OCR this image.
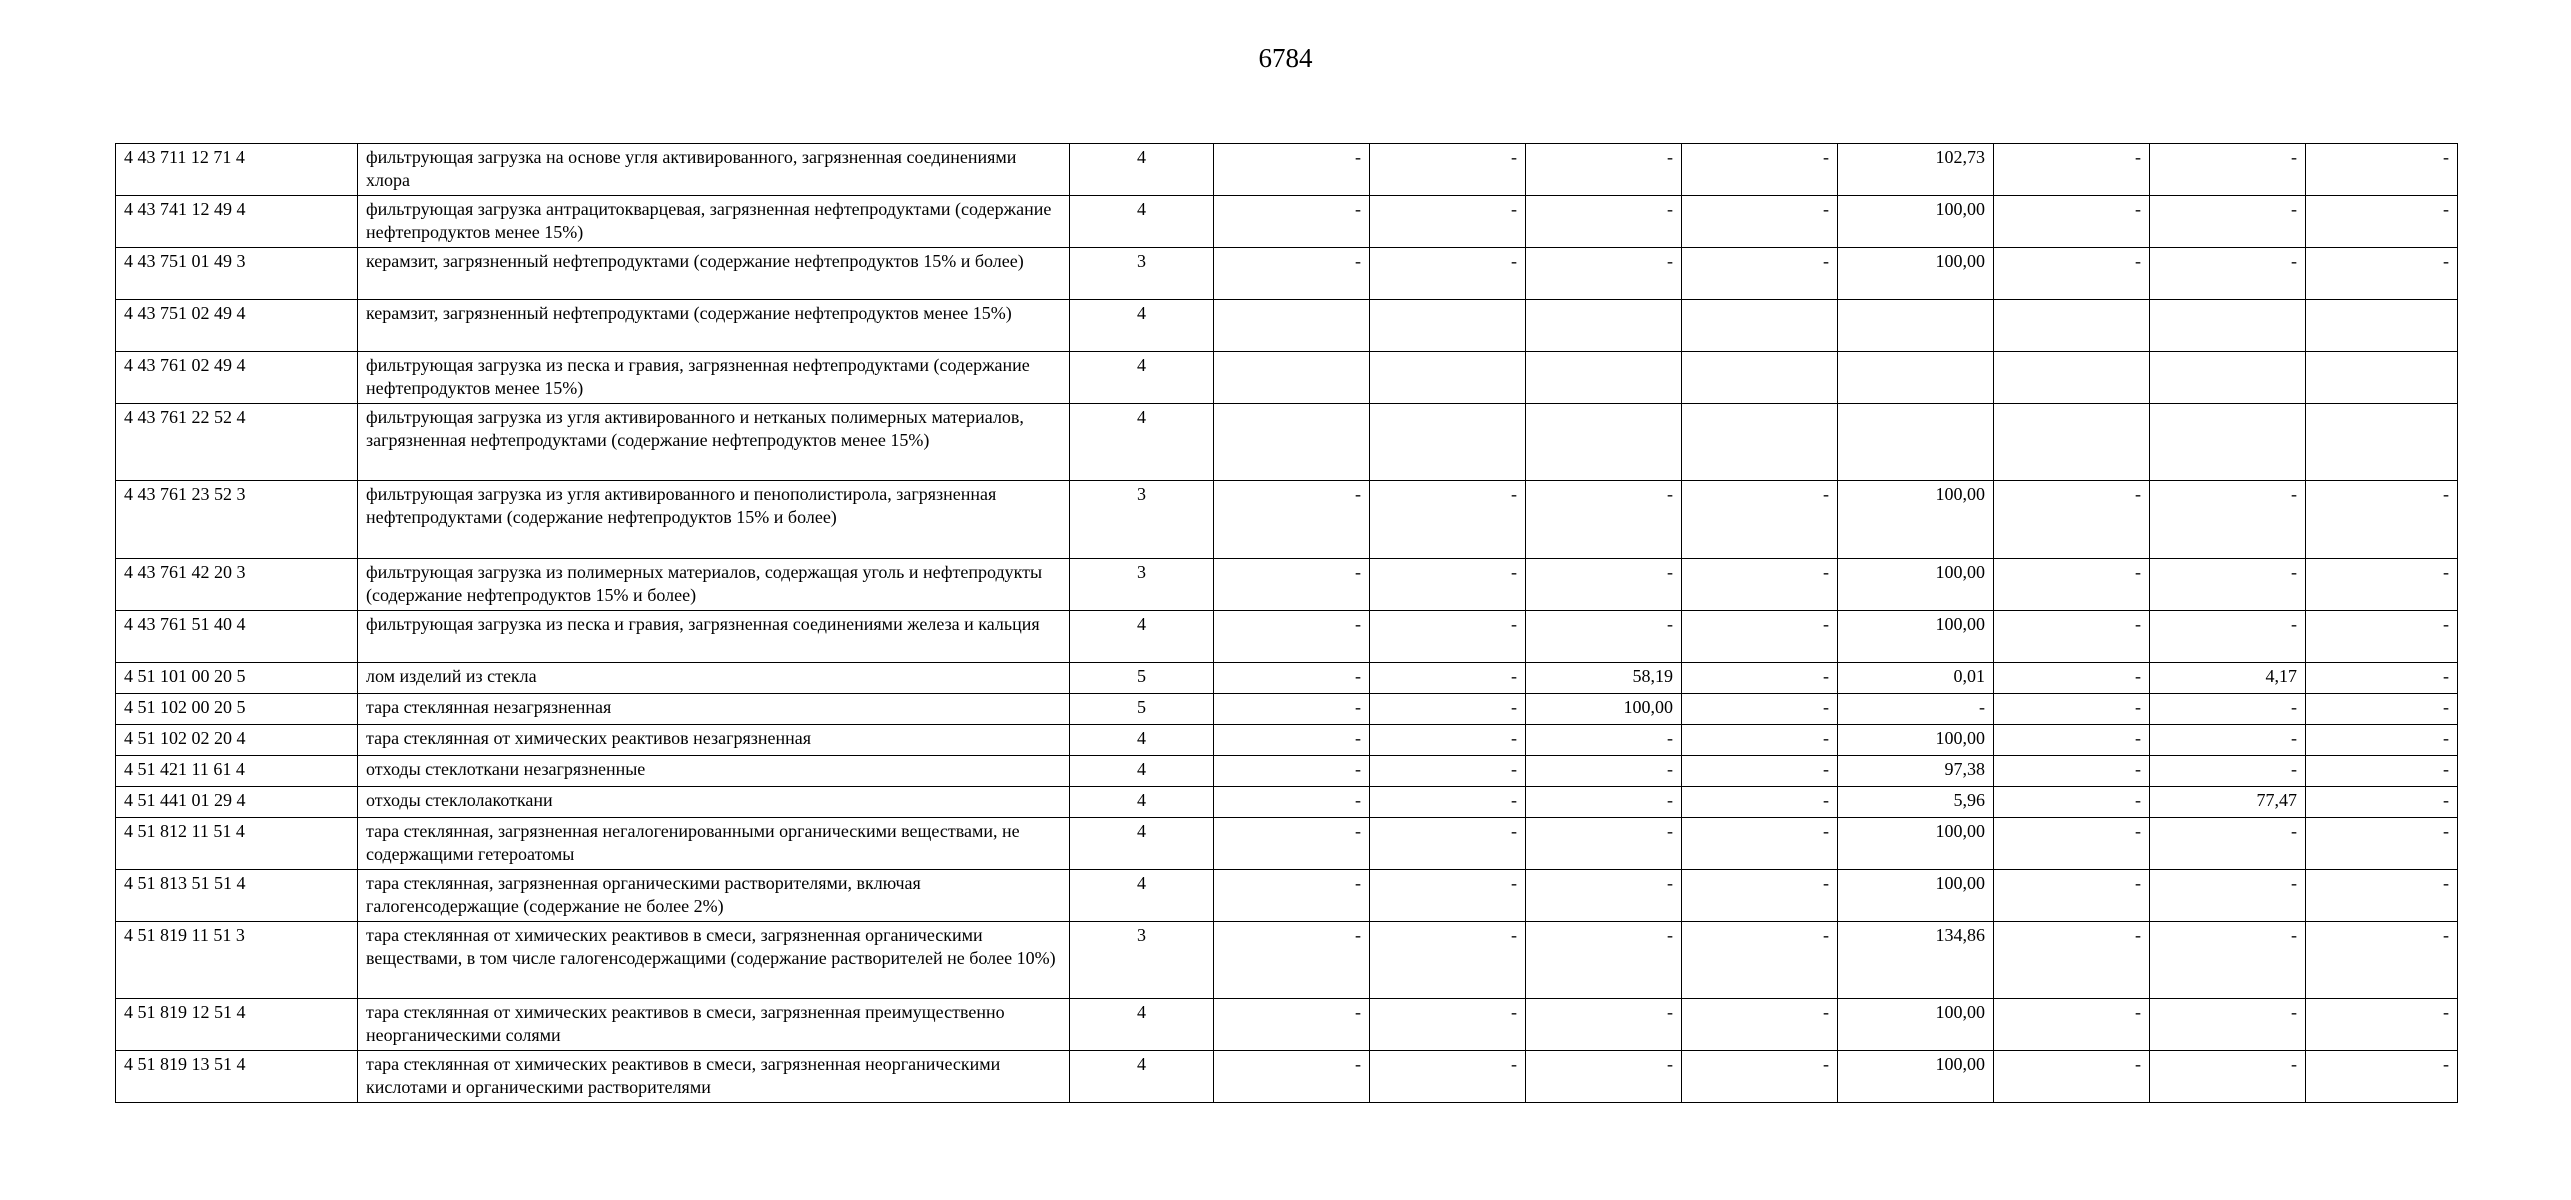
6784
4 43 711 12 71 4	фильтрующая загрузка на основе угля активированного, загрязненная соединениями хлора	4	-	-	-	-	102,73	-	-	-
4 43 741 12 49 4	фильтрующая загрузка антрацитокварцевая, загрязненная нефтепродуктами (содержание нефтепродуктов менее 15%)	4	-	-	-	-	100,00	-	-	-
4 43 751 01 49 3	керамзит, загрязненный нефтепродуктами (содержание нефтепродуктов 15% и более)	3	-	-	-	-	100,00	-	-	-
4 43 751 02 49 4	керамзит, загрязненный нефтепродуктами (содержание нефтепродуктов менее 15%)	4								
4 43 761 02 49 4	фильтрующая загрузка из песка и гравия, загрязненная нефтепродуктами (содержание нефтепродуктов менее 15%)	4								
4 43 761 22 52 4	фильтрующая загрузка из угля активированного и нетканых полимерных материалов, загрязненная нефтепродуктами (содержание нефтепродуктов менее 15%)	4								
4 43 761 23 52 3	фильтрующая загрузка из угля активированного и пенополистирола, загрязненная нефтепродуктами (содержание нефтепродуктов 15% и более)	3	-	-	-	-	100,00	-	-	-
4 43 761 42 20 3	фильтрующая загрузка из полимерных материалов, содержащая уголь и нефтепродукты (содержание нефтепродуктов 15% и более)	3	-	-	-	-	100,00	-	-	-
4 43 761 51 40 4	фильтрующая загрузка из песка и гравия, загрязненная соединениями железа и кальция	4	-	-	-	-	100,00	-	-	-
4 51 101 00 20 5	лом изделий из стекла	5	-	-	58,19	-	0,01	-	4,17	-
4 51 102 00 20 5	тара стеклянная незагрязненная	5	-	-	100,00	-	-	-	-	-
4 51 102 02 20 4	тара стеклянная от химических реактивов незагрязненная	4	-	-	-	-	100,00	-	-	-
4 51 421 11 61 4	отходы стеклоткани незагрязненные	4	-	-	-	-	97,38	-	-	-
4 51 441 01 29 4	отходы стеклолакоткани	4	-	-	-	-	5,96	-	77,47	-
4 51 812 11 51 4	тара стеклянная, загрязненная негалогенированными органическими веществами, не содержащими гетероатомы	4	-	-	-	-	100,00	-	-	-
4 51 813 51 51 4	тара стеклянная, загрязненная органическими растворителями, включая галогенсодержащие (содержание не более 2%)	4	-	-	-	-	100,00	-	-	-
4 51 819 11 51 3	тара стеклянная от химических реактивов в смеси, загрязненная органическими веществами, в том числе галогенсодержащими (содержание растворителей не более 10%)	3	-	-	-	-	134,86	-	-	-
4 51 819 12 51 4	тара стеклянная от химических реактивов в смеси, загрязненная преимущественно неорганическими солями	4	-	-	-	-	100,00	-	-	-
4 51 819 13 51 4	тара стеклянная от химических реактивов в смеси, загрязненная неорганическими кислотами и органическими растворителями	4	-	-	-	-	100,00	-	-	-
